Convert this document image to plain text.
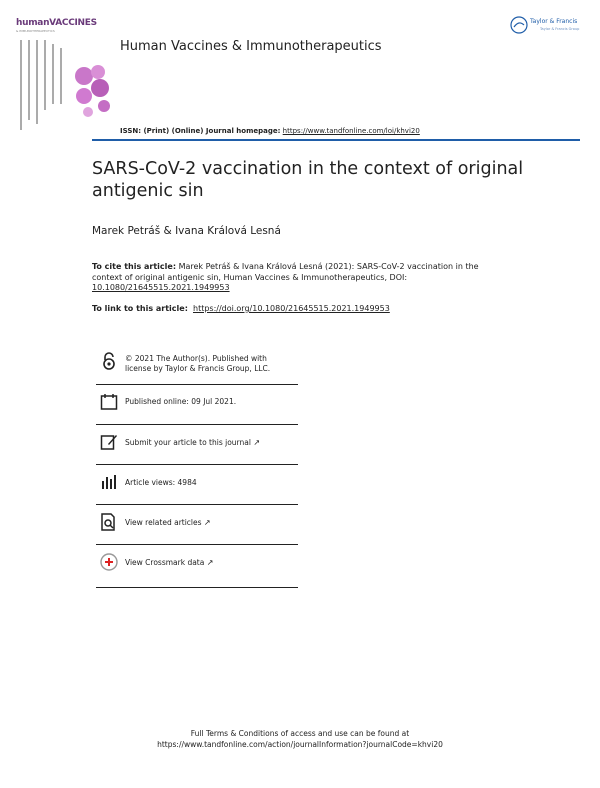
humanVACCINES
& IMMUNOTHERAPEUTICS
Human Vaccines & Immunotherapeutics
ISSN: (Print) (Online) Journal homepage: https://www.tandfonline.com/loi/khvi20
Taylor & Francis
Taylor & Francis Group
SARS-CoV-2 vaccination in the context of original antigenic sin
Marek Petráš & Ivana Králová Lesná
To cite this article: Marek Petráš & Ivana Králová Lesná (2021): SARS-CoV-2 vaccination in the context of original antigenic sin, Human Vaccines & Immunotherapeutics, DOI:
10.1080/21645515.2021.1949953
To link to this article: https://doi.org/10.1080/21645515.2021.1949953
© 2021 The Author(s). Published with license by Taylor & Francis Group, LLC.
Published online: 09 Jul 2021.
Submit your article to this journal ↗
Article views: 4984
View related articles ↗
View Crossmark data ↗
Full Terms & Conditions of access and use can be found at
https://www.tandfonline.com/action/journalInformation?journalCode=khvi20
